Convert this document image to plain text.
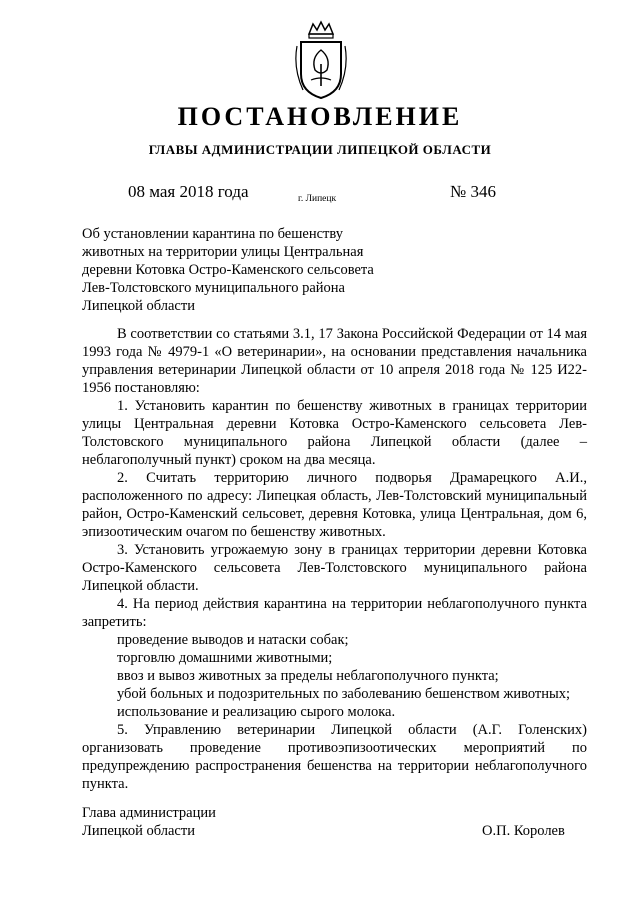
ПОСТАНОВЛЕНИЕ
ГЛАВЫ АДМИНИСТРАЦИИ ЛИПЕЦКОЙ ОБЛАСТИ
08 мая 2018 года	г. Липецк	№ 346
Об установлении карантина по бешенству
животных на территории улицы Центральная
деревни Котовка Остро-Каменского сельсовета
Лев-Толстовского муниципального района
Липецкой области

В соответствии со статьями 3.1, 17 Закона Российской Федерации от 14 мая 1993 года № 4979-1 «О ветеринарии», на основании представления начальника управления ветеринарии Липецкой области от 10 апреля 2018 года № 125 И22-1956 постановляю:

1. Установить карантин по бешенству животных в границах территории улицы Центральная деревни Котовка Остро-Каменского сельсовета Лев-Толстовского муниципального района Липецкой области (далее – неблагополучный пункт) сроком на два месяца.

2. Считать территорию личного подворья Драмарецкого А.И., расположенного по адресу: Липецкая область, Лев-Толстовский муниципальный район, Остро-Каменский сельсовет, деревня Котовка, улица Центральная, дом 6, эпизоотическим очагом по бешенству животных.

3. Установить угрожаемую зону в границах территории деревни Котовка Остро-Каменского сельсовета Лев-Толстовского муниципального района Липецкой области.

4. На период действия карантина на территории неблагополучного пункта запретить:

проведение выводов и натаски собак;

торговлю домашними животными;

ввоз и вывоз животных за пределы неблагополучного пункта;

убой больных и подозрительных по заболеванию бешенством животных;

использование и реализацию сырого молока.

5. Управлению ветеринарии Липецкой области (А.Г. Голенских) организовать проведение противоэпизоотических мероприятий по предупреждению распространения бешенства на территории неблагополучного пункта.

Глава администрации
Липецкой области	О.П. Королев
